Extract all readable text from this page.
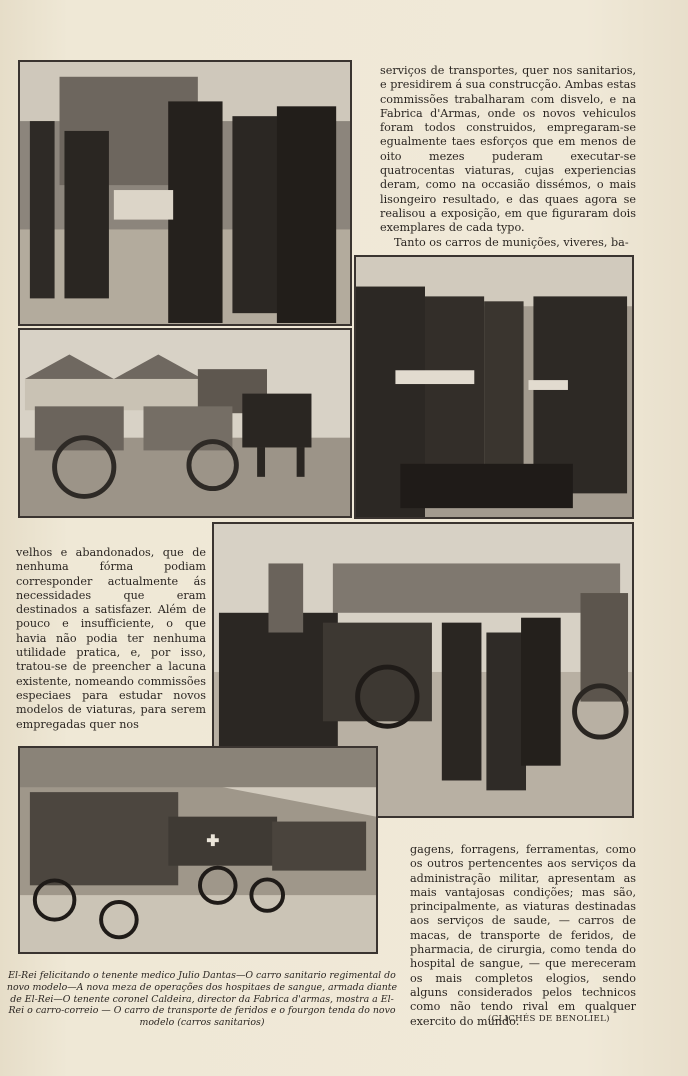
serviços de transportes, quer nos sanitarios, e presidirem á sua construcção. Ambas estas commissões trabalharam com disvelo, e na Fabrica d'Armas, onde os novos vehiculos foram todos construidos, empregaram-se egualmente taes esforços que em menos de oito mezes puderam executar-se quatrocentas viaturas, cujas experiencias deram, como na occasião dissémos, o mais lisongeiro resultado, e das quaes agora se realisou a exposição, em que figuraram dois exemplares de cada typo.

Tanto os carros de munições, viveres, ba-

velhos e abandonados, que de nenhuma fórma podiam corresponder actualmente ás necessidades que eram destinados a satisfazer. Além de pouco e insufficiente, o que havia não podia ter nenhuma utilidade pratica, e, por isso, tratou-se de preencher a lacuna existente, nomeando commissões especiaes para estudar novos modelos de viaturas, para serem empregadas quer nos

gagens, forragens, ferramentas, como os outros pertencentes aos serviços da administração militar, apresentam as mais vantajosas condições; mas são, principalmente, as viaturas destinadas aos serviços de saude, — carros de macas, de transporte de feridos, de pharmacia, de cirurgia, como tenda do hospital de sangue, — que mereceram os mais completos elogios, sendo alguns considerados pelos technicos como não tendo rival em qualquer exercito do mundo.

El-Rei felicitando o tenente medico Julio Dantas—O carro sanitario regimental do novo modelo—A nova meza de operações dos hospitaes de sangue, armada diante de El-Rei—O tenente coronel Caldeira, director da Fabrica d'armas, mostra a El-Rei o carro-correio — O carro de transporte de feridos e o fourgon tenda do novo modelo (carros sanitarios)	(CLICHÉS DE BENOLIEL)
